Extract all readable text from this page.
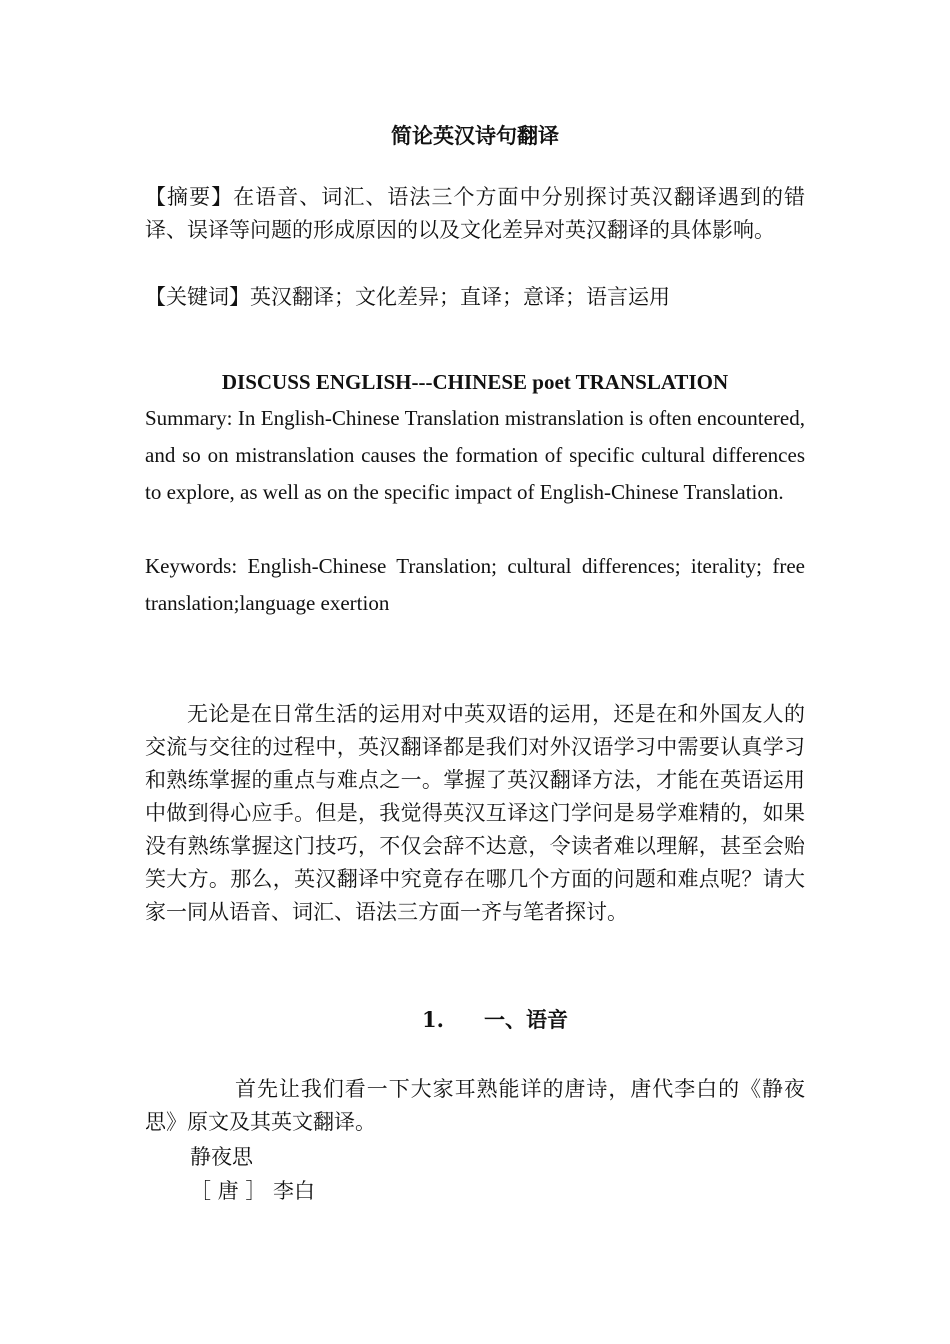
简论英汉诗句翻译

【摘要】在语音、词汇、语法三个方面中分别探讨英汉翻译遇到的错译、误译等问题的形成原因的以及文化差异对英汉翻译的具体影响。

【关键词】英汉翻译；文化差异；直译；意译；语言运用

DISCUSS ENGLISH---CHINESE poet TRANSLATION

Summary: In English-Chinese Translation mistranslation is often encountered, and so on mistranslation causes the formation of specific cultural differences to explore, as well as on the specific impact of English-Chinese Translation.

Keywords: English-Chinese Translation; cultural differences; iterality; free translation;language exertion

无论是在日常生活的运用对中英双语的运用，还是在和外国友人的交流与交往的过程中，英汉翻译都是我们对外汉语学习中需要认真学习和熟练掌握的重点与难点之一。掌握了英汉翻译方法，才能在英语运用中做到得心应手。但是，我觉得英汉互译这门学问是易学难精的，如果没有熟练掌握这门技巧，不仅会辞不达意，令读者难以理解，甚至会贻笑大方。那么，英汉翻译中究竟存在哪几个方面的问题和难点呢？请大家一同从语音、词汇、语法三方面一齐与笔者探讨。

1. 一、语音

首先让我们看一下大家耳熟能详的唐诗，唐代李白的《静夜思》原文及其英文翻译。

静夜思

［ 唐 ］ 李白
